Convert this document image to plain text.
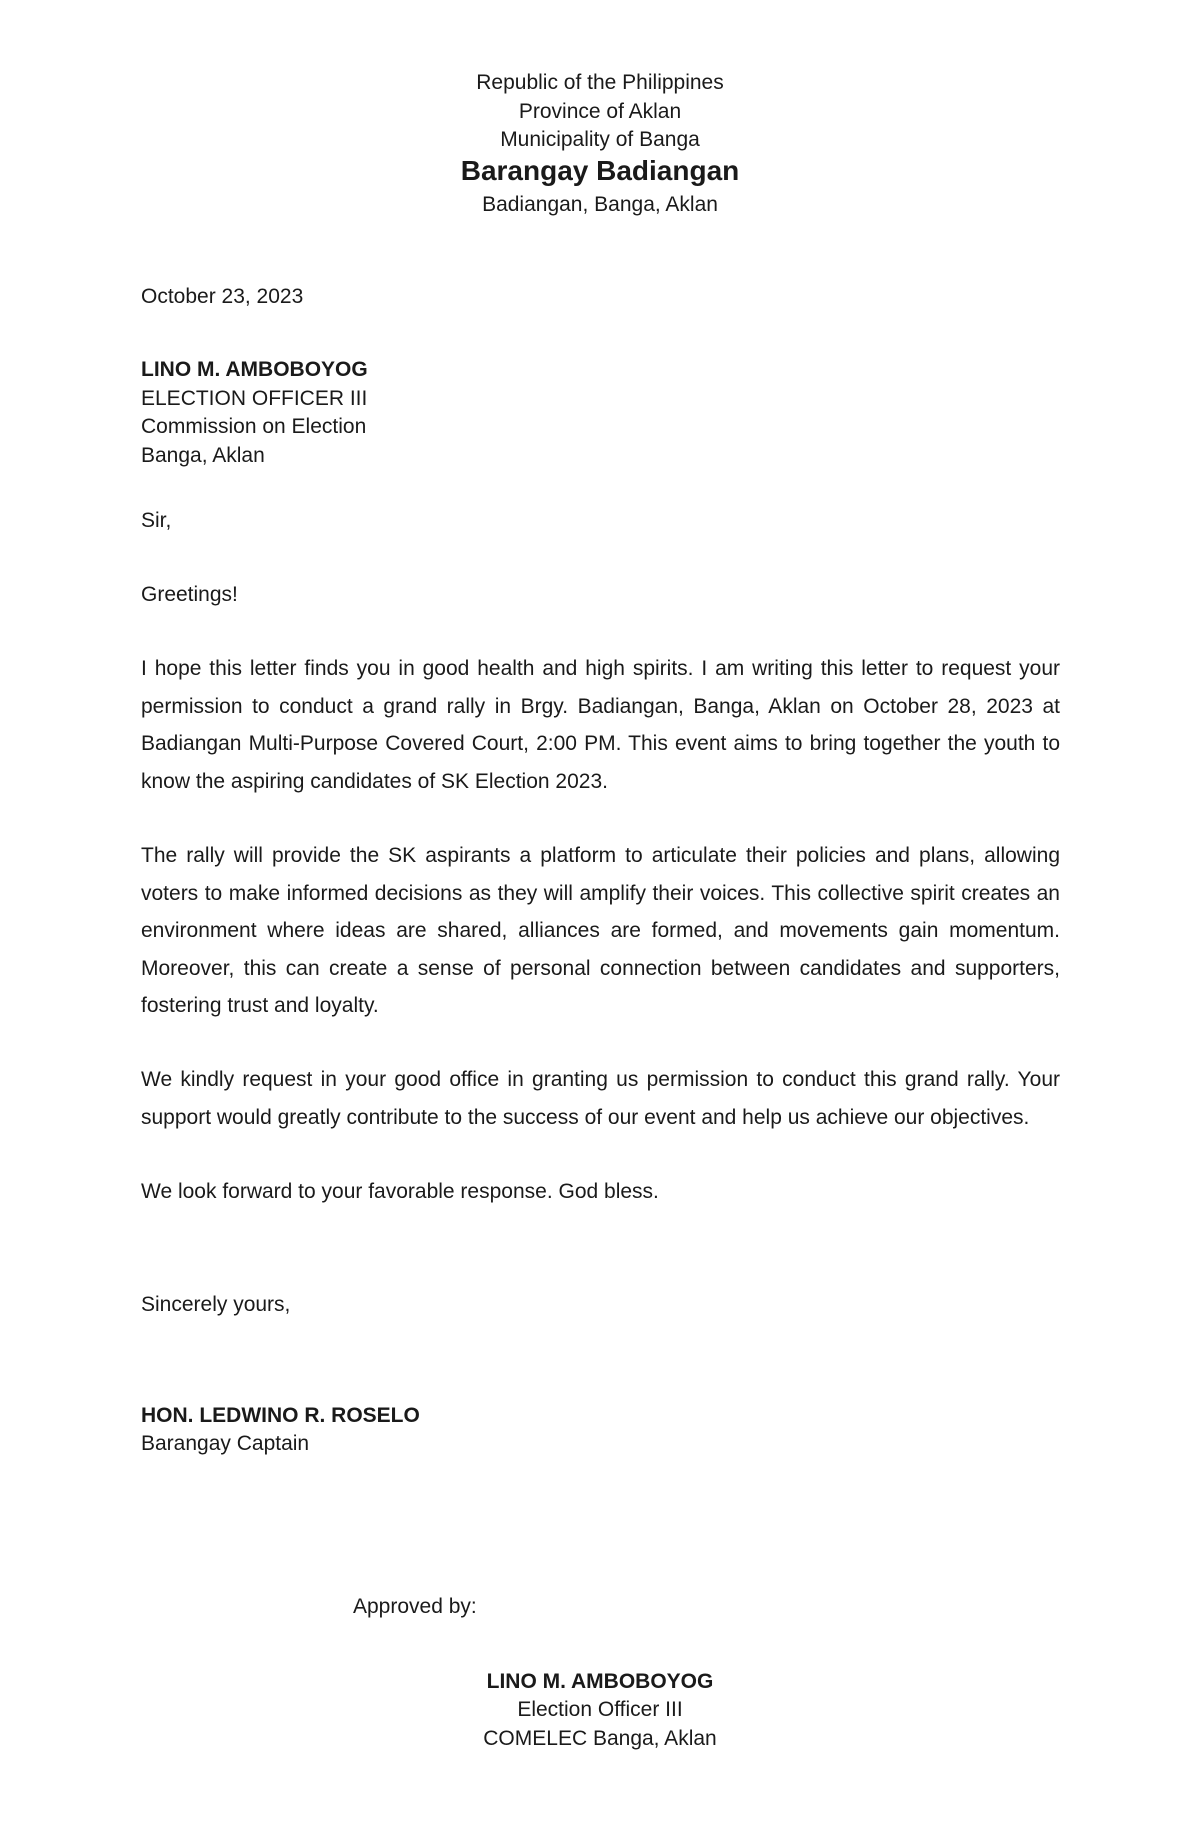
Republic of the Philippines
Province of Aklan
Municipality of Banga
Barangay Badiangan
Badiangan, Banga, Aklan
October 23, 2023
LINO M. AMBOBOYOG
ELECTION OFFICER III
Commission on Election
Banga, Aklan
Sir,
Greetings!

I hope this letter finds you in good health and high spirits. I am writing this letter to request your permission to conduct a grand rally in Brgy. Badiangan, Banga, Aklan on October 28, 2023 at Badiangan Multi-Purpose Covered Court, 2:00 PM. This event aims to bring together the youth to know the aspiring candidates of SK Election 2023.

The rally will provide the SK aspirants a platform to articulate their policies and plans, allowing voters to make informed decisions as they will amplify their voices. This collective spirit creates an environment where ideas are shared, alliances are formed, and movements gain momentum. Moreover, this can create a sense of personal connection between candidates and supporters, fostering trust and loyalty.

We kindly request in your good office in granting us permission to conduct this grand rally. Your support would greatly contribute to the success of our event and help us achieve our objectives.

We look forward to your favorable response. God bless.

Sincerely yours,
HON. LEDWINO R. ROSELO
Barangay Captain
Approved by:
LINO M. AMBOBOYOG
Election Officer III
COMELEC Banga, Aklan
